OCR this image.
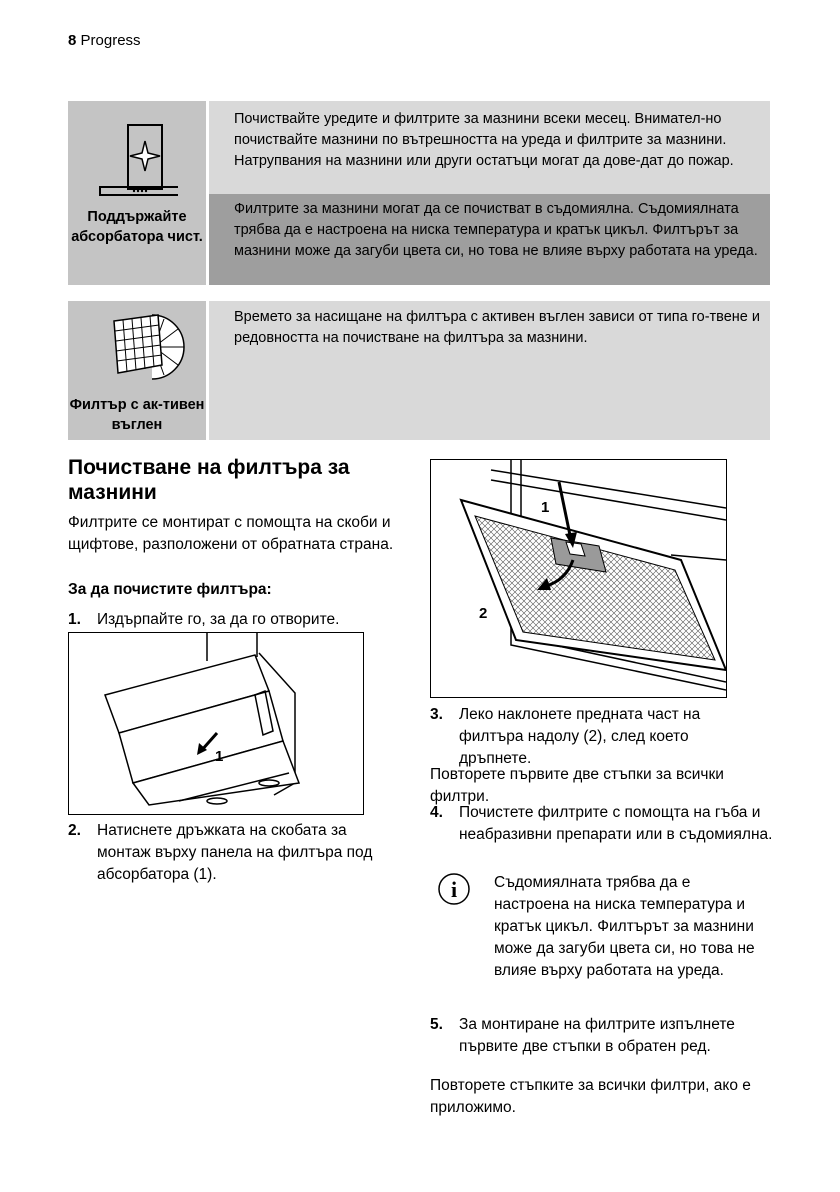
8 Progress
Поддържайте абсорбатора чист.
Почиствайте уредите и филтрите за мазнини всеки месец. Внимател-но почиствайте мазнини по вътрешността на уреда и филтрите за мазнини. Натрупвания на мазнини или други остатъци могат да дове-дат до пожар.
Филтрите за мазнини могат да се почистват в съдомиялна. Съдомиялната трябва да е настроена на ниска температура и кратък цикъл. Филтърът за мазнини може да загуби цвета си, но това не влияе върху работата на уреда.
Филтър с ак-тивен въглен
Времето за насищане на филтъра с активен въглен зависи от типа го-твене и редовността на почистване на филтъра за мазнини.
Почистване на филтъра за мазнини
Филтрите се монтират с помощта на скоби и щифтове, разположени от обратната страна.
За да почистите филтъра:
1. Издърпайте го, за да го отворите.
1
2. Натиснете дръжката на скобата за монтаж върху панела на филтъра под абсорбатора (1).
1
2
3. Леко наклонете предната част на филтъра надолу (2), след което дръпнете.
Повторете първите две стъпки за всички филтри.
4. Почистете филтрите с помощта на гъба и неабразивни препарати или в съдомиялна.
i Съдомиялната трябва да е настроена на ниска температура и кратък цикъл. Филтърът за мазнини може да загуби цвета си, но това не влияе върху работата на уреда.
5. За монтиране на филтрите изпълнете първите две стъпки в обратен ред.
Повторете стъпките за всички филтри, ако е приложимо.
